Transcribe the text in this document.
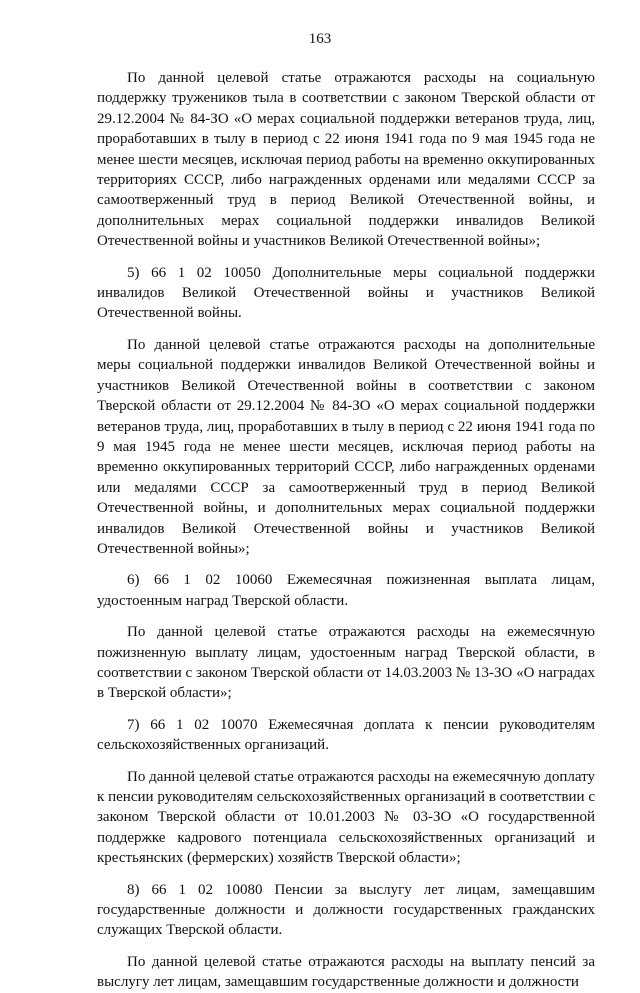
163

По данной целевой статье отражаются расходы на социальную поддержку тружеников тыла в соответствии с законом Тверской области от 29.12.2004 № 84-ЗО «О мерах социальной поддержки ветеранов труда, лиц, проработавших в тылу в период с 22 июня 1941 года по 9 мая 1945 года не менее шести месяцев, исключая период работы на временно оккупированных территориях СССР, либо награжденных орденами или медалями СССР за самоотверженный труд в период Великой Отечественной войны, и дополнительных мерах социальной поддержки инвалидов Великой Отечественной войны и участников Великой Отечественной войны»;

5) 66 1 02 10050 Дополнительные меры социальной поддержки инвалидов Великой Отечественной войны и участников Великой Отечественной войны.

По данной целевой статье отражаются расходы на дополнительные меры социальной поддержки инвалидов Великой Отечественной войны и участников Великой Отечественной войны в соответствии с законом Тверской области от 29.12.2004 № 84-ЗО «О мерах социальной поддержки ветеранов труда, лиц, проработавших в тылу в период с 22 июня 1941 года по 9 мая 1945 года не менее шести месяцев, исключая период работы на временно оккупированных территорий СССР, либо награжденных орденами или медалями СССР за самоотверженный труд в период Великой Отечественной войны, и дополнительных мерах социальной поддержки инвалидов Великой Отечественной войны и участников Великой Отечественной войны»;

6) 66 1 02 10060 Ежемесячная пожизненная выплата лицам, удостоенным наград Тверской области.

По данной целевой статье отражаются расходы на ежемесячную пожизненную выплату лицам, удостоенным наград Тверской области, в соответствии с законом Тверской области от 14.03.2003 № 13-ЗО «О наградах в Тверской области»;

7) 66 1 02 10070 Ежемесячная доплата к пенсии руководителям сельскохозяйственных организаций.

По данной целевой статье отражаются расходы на ежемесячную доплату к пенсии руководителям сельскохозяйственных организаций в соответствии с законом Тверской области от 10.01.2003 № 03-ЗО «О государственной поддержке кадрового потенциала сельскохозяйственных организаций и крестьянских (фермерских) хозяйств Тверской области»;

8) 66 1 02 10080 Пенсии за выслугу лет лицам, замещавшим государственные должности и должности государственных гражданских служащих Тверской области.

По данной целевой статье отражаются расходы на выплату пенсий за выслугу лет лицам, замещавшим государственные должности и должности
